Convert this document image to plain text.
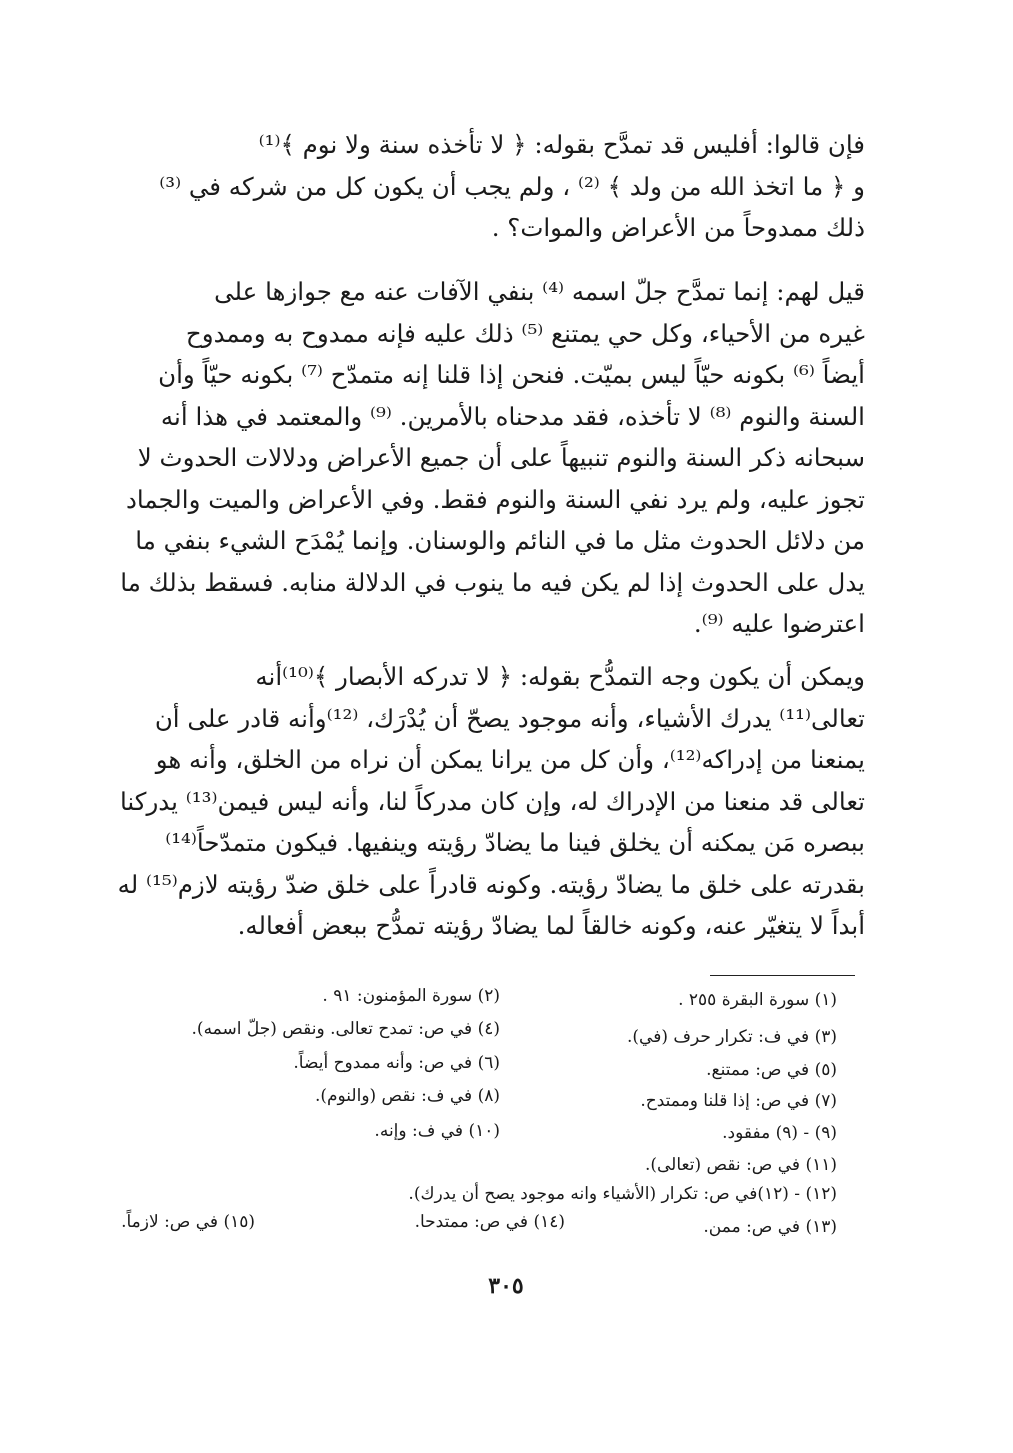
فإن قالوا: أفليس قد تمدَّح بقوله: ﴿ لا تأخذه سنة ولا نوم ﴾⁽¹⁾
و ﴿ ما اتخذ الله من ولد ﴾ ⁽²⁾ ، ولم يجب أن يكون كل من شركه في ⁽³⁾
ذلك ممدوحاً من الأعراض والموات؟ .
قيل لهم: إنما تمدَّح جلّ اسمه ⁽⁴⁾ بنفي الآفات عنه مع جوازها على
غيره من الأحياء، وكل حي يمتنع ⁽⁵⁾ ذلك عليه فإنه ممدوح به وممدوح
أيضاً ⁽⁶⁾ بكونه حيّاً ليس بميّت. فنحن إذا قلنا إنه متمدّح ⁽⁷⁾ بكونه حيّاً وأن
السنة والنوم ⁽⁸⁾ لا تأخذه، فقد مدحناه بالأمرين. ⁽⁹⁾ والمعتمد في هذا أنه
سبحانه ذكر السنة والنوم تنبيهاً على أن جميع الأعراض ودلالات الحدوث لا
تجوز عليه، ولم يرد نفي السنة والنوم فقط. وفي الأعراض والميت والجماد
من دلائل الحدوث مثل ما في النائم والوسنان. وإنما يُمْدَح الشيء بنفي ما
يدل على الحدوث إذا لم يكن فيه ما ينوب في الدلالة منابه. فسقط بذلك ما
اعترضوا عليه ⁽⁹⁾.
ويمكن أن يكون وجه التمدُّح بقوله: ﴿ لا تدركه الأبصار ﴾⁽¹⁰⁾أنه
تعالى⁽¹¹⁾ يدرك الأشياء، وأنه موجود يصحّ أن يُدْرَك، ⁽¹²⁾وأنه قادر على أن
يمنعنا من إدراكه⁽¹²⁾، وأن كل من يرانا يمكن أن نراه من الخلق، وأنه هو
تعالى قد منعنا من الإدراك له، وإن كان مدركاً لنا، وأنه ليس فيمن⁽¹³⁾ يدركنا
ببصره مَن يمكنه أن يخلق فينا ما يضادّ رؤيته وينفيها. فيكون متمدّحاً⁽¹⁴⁾
بقدرته على خلق ما يضادّ رؤيته. وكونه قادراً على خلق ضدّ رؤيته لازم⁽¹⁵⁾ له
أبداً لا يتغيّر عنه، وكونه خالقاً لما يضادّ رؤيته تمدُّح ببعض أفعاله.
(١) سورة البقرة ٢٥٥ .
(٣) في ف: تكرار حرف (في).
(٥) في ص: ممتنع.
(٧) في ص: إذا قلنا وممتدح.
(٩) - (٩) مفقود.
(١١) في ص: نقص (تعالى).
(١٢) - (١٢)في ص: تكرار (الأشياء وانه موجود يصح أن يدرك).
(١٣) في ص: ممن.
(٢) سورة المؤمنون: ٩١ .
(٤) في ص: تمدح تعالى. ونقص (جلّ اسمه).
(٦) في ص: وأنه ممدوح أيضاً.
(٨) في ف: نقص (والنوم).
(١٠) في ف: وإنه.
(١٤) في ص: ممتدحا.
(١٥) في ص: لازماً.
٣٠٥
